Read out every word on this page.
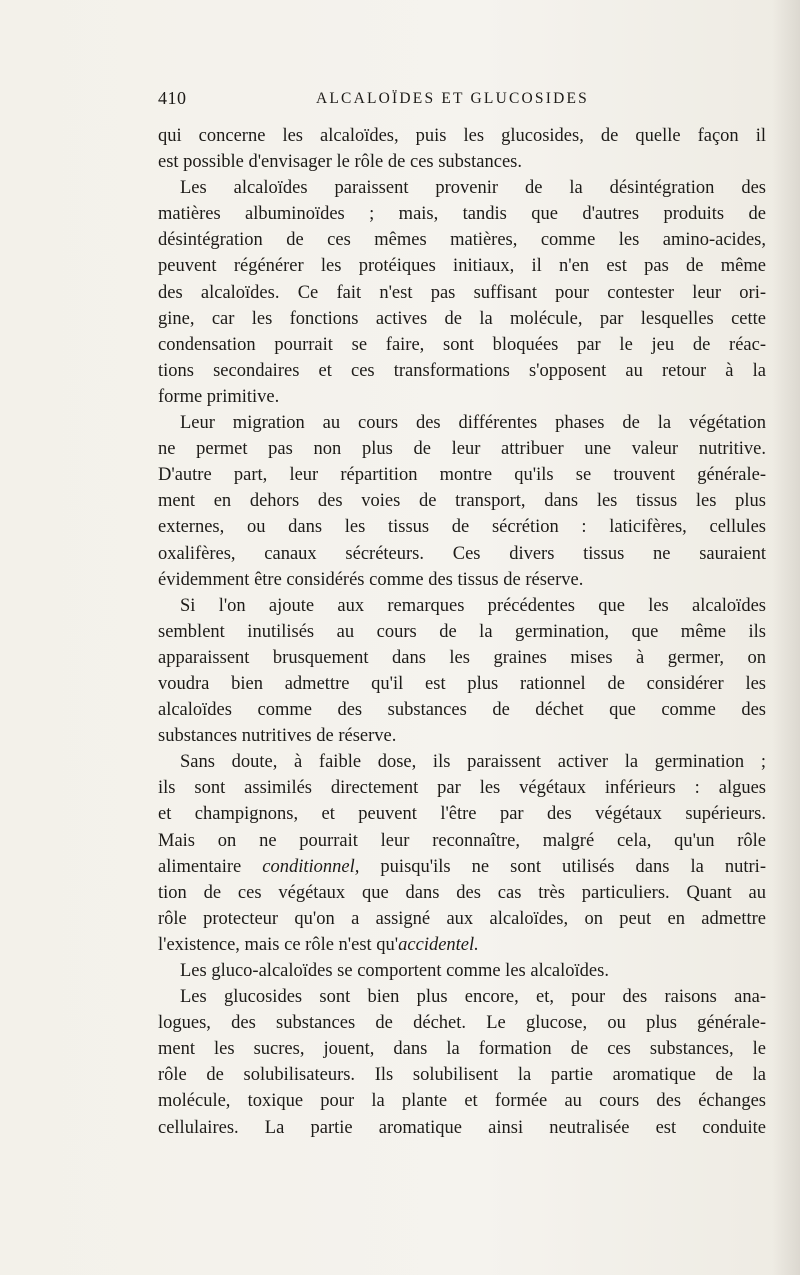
410	ALCALOÏDES ET GLUCOSIDES
qui concerne les alcaloïdes, puis les glucosides, de quelle façon il
est possible d'envisager le rôle de ces substances.
Les alcaloïdes paraissent provenir de la désintégration des
matières albuminoïdes ; mais, tandis que d'autres produits de
désintégration de ces mêmes matières, comme les amino-acides,
peuvent régénérer les protéiques initiaux, il n'en est pas de même
des alcaloïdes. Ce fait n'est pas suffisant pour contester leur ori-
gine, car les fonctions actives de la molécule, par lesquelles cette
condensation pourrait se faire, sont bloquées par le jeu de réac-
tions secondaires et ces transformations s'opposent au retour à la
forme primitive.
Leur migration au cours des différentes phases de la végétation
ne permet pas non plus de leur attribuer une valeur nutritive.
D'autre part, leur répartition montre qu'ils se trouvent générale-
ment en dehors des voies de transport, dans les tissus les plus
externes, ou dans les tissus de sécrétion : laticifères, cellules
oxalifères, canaux sécréteurs. Ces divers tissus ne sauraient
évidemment être considérés comme des tissus de réserve.
Si l'on ajoute aux remarques précédentes que les alcaloïdes
semblent inutilisés au cours de la germination, que même ils
apparaissent brusquement dans les graines mises à germer, on
voudra bien admettre qu'il est plus rationnel de considérer les
alcaloïdes comme des substances de déchet que comme des
substances nutritives de réserve.
Sans doute, à faible dose, ils paraissent activer la germination ;
ils sont assimilés directement par les végétaux inférieurs : algues
et champignons, et peuvent l'être par des végétaux supérieurs.
Mais on ne pourrait leur reconnaître, malgré cela, qu'un rôle
alimentaire conditionnel, puisqu'ils ne sont utilisés dans la nutri-
tion de ces végétaux que dans des cas très particuliers. Quant au
rôle protecteur qu'on a assigné aux alcaloïdes, on peut en admettre
l'existence, mais ce rôle n'est qu'accidentel.
Les gluco-alcaloïdes se comportent comme les alcaloïdes.
Les glucosides sont bien plus encore, et, pour des raisons ana-
logues, des substances de déchet. Le glucose, ou plus générale-
ment les sucres, jouent, dans la formation de ces substances, le
rôle de solubilisateurs. Ils solubilisent la partie aromatique de la
molécule, toxique pour la plante et formée au cours des échanges
cellulaires. La partie aromatique ainsi neutralisée est conduite
